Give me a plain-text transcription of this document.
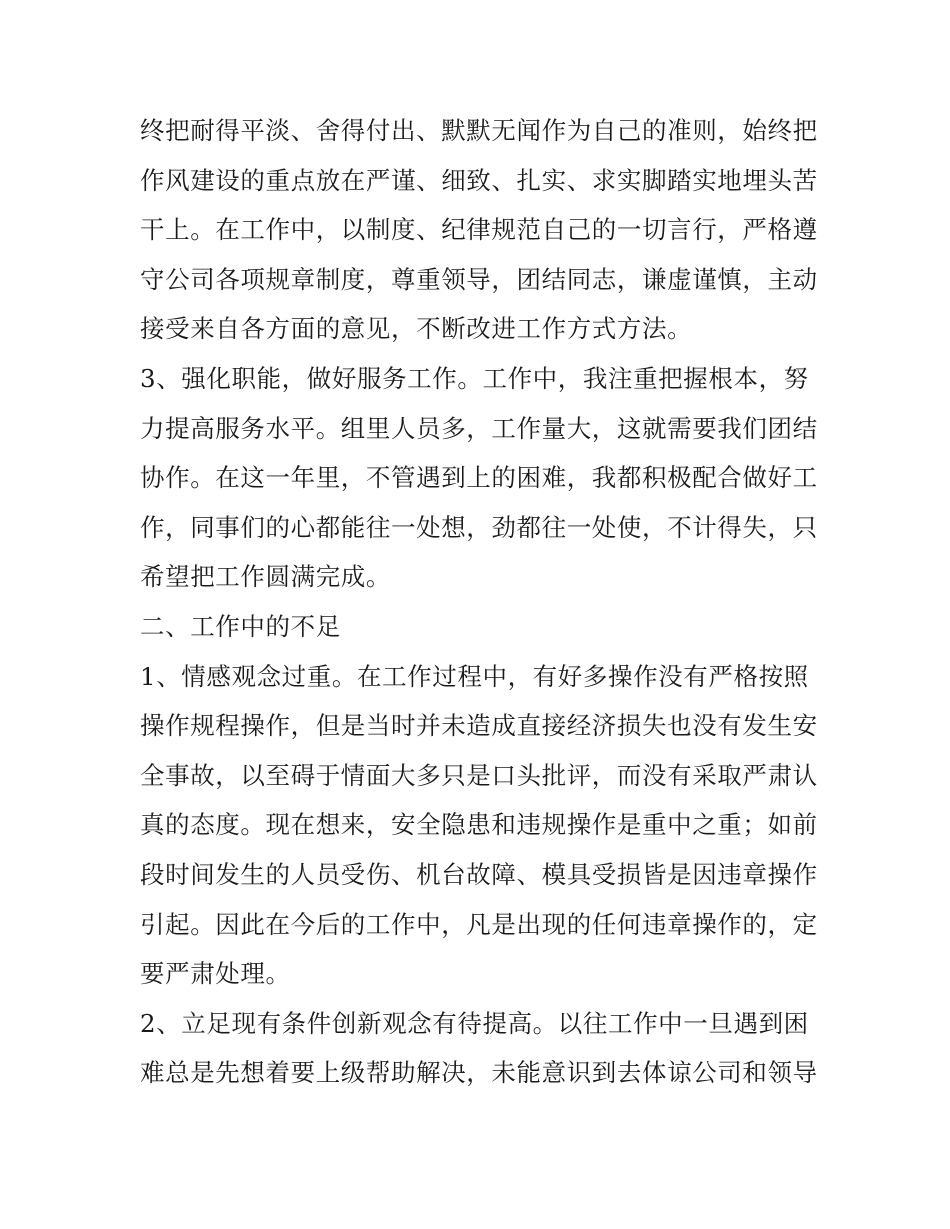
终把耐得平淡、舍得付出、默默无闻作为自己的准则，始终把
作风建设的重点放在严谨、细致、扎实、求实脚踏实地埋头苦
干上。在工作中，以制度、纪律规范自己的一切言行，严格遵
守公司各项规章制度，尊重领导，团结同志，谦虚谨慎，主动
接受来自各方面的意见，不断改进工作方式方法。
3、强化职能，做好服务工作。工作中，我注重把握根本，努
力提高服务水平。组里人员多，工作量大，这就需要我们团结
协作。在这一年里，不管遇到上的困难，我都积极配合做好工
作，同事们的心都能往一处想，劲都往一处使，不计得失，只
希望把工作圆满完成。
二、工作中的不足
1、情感观念过重。在工作过程中，有好多操作没有严格按照
操作规程操作，但是当时并未造成直接经济损失也没有发生安
全事故，以至碍于情面大多只是口头批评，而没有采取严肃认
真的态度。现在想来，安全隐患和违规操作是重中之重；如前
段时间发生的人员受伤、机台故障、模具受损皆是因违章操作
引起。因此在今后的工作中，凡是出现的任何违章操作的，定
要严肃处理。
2、立足现有条件创新观念有待提高。以往工作中一旦遇到困
难总是先想着要上级帮助解决，未能意识到去体谅公司和领导
